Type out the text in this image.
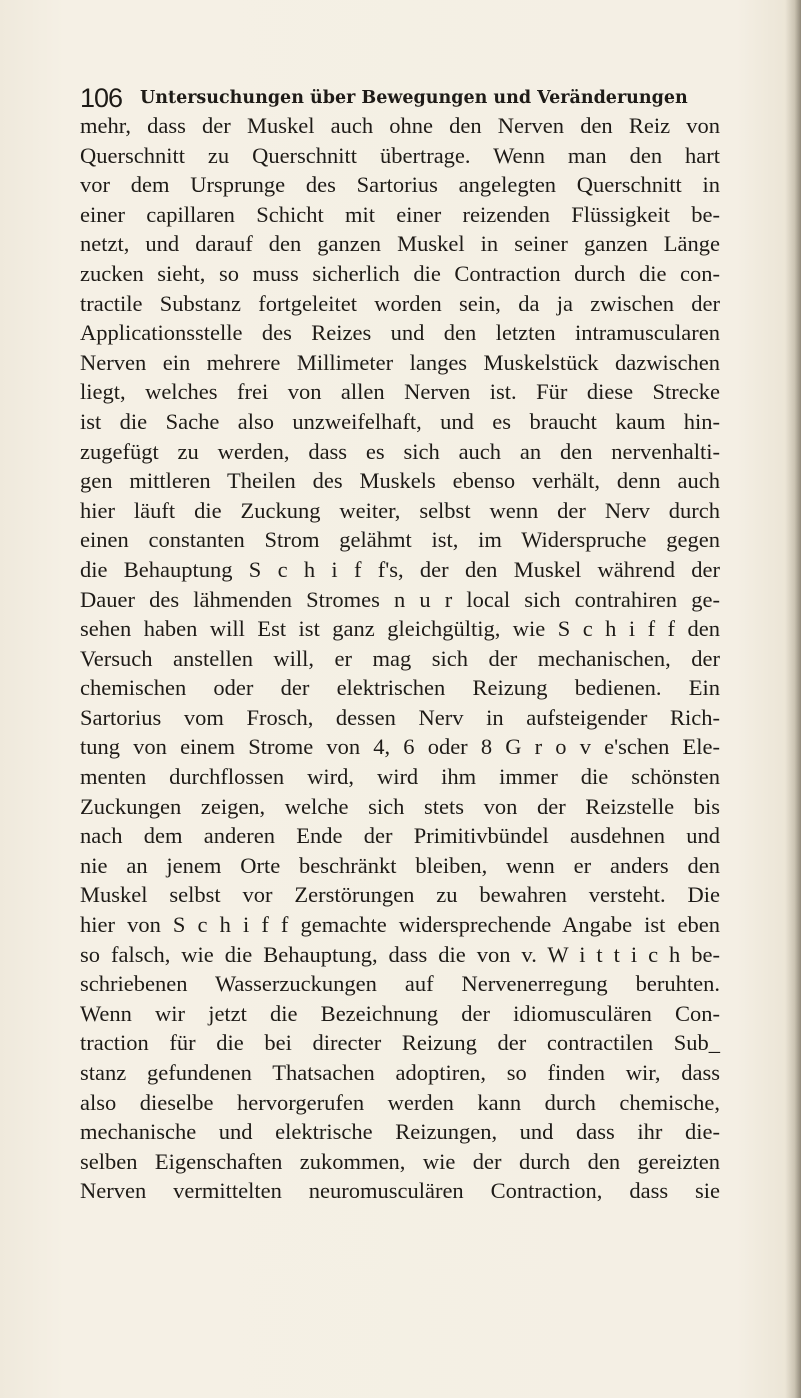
106 Untersuchungen über Bewegungen und Veränderungen
mehr, dass der Muskel auch ohne den Nerven den Reiz von
Querschnitt zu Querschnitt übertrage. Wenn man den hart
vor dem Ursprunge des Sartorius angelegten Querschnitt in
einer capillaren Schicht mit einer reizenden Flüssigkeit be-
netzt, und darauf den ganzen Muskel in seiner ganzen Länge
zucken sieht, so muss sicherlich die Contraction durch die con-
tractile Substanz fortgeleitet worden sein, da ja zwischen der
Applicationsstelle des Reizes und den letzten intramuscularen
Nerven ein mehrere Millimeter langes Muskelstück dazwischen
liegt, welches frei von allen Nerven ist. Für diese Strecke
ist die Sache also unzweifelhaft, und es braucht kaum hin-
zugefügt zu werden, dass es sich auch an den nervenhalti-
gen mittleren Theilen des Muskels ebenso verhält, denn auch
hier läuft die Zuckung weiter, selbst wenn der Nerv durch
einen constanten Strom gelähmt ist, im Widerspruche gegen
die Behauptung S c h i f f's, der den Muskel während der
Dauer des lähmenden Stromes n u r local sich contrahiren ge-
sehen haben will Est ist ganz gleichgültig, wie S c h i f f den
Versuch anstellen will, er mag sich der mechanischen, der
chemischen oder der elektrischen Reizung bedienen. Ein
Sartorius vom Frosch, dessen Nerv in aufsteigender Rich-
tung von einem Strome von 4, 6 oder 8 G r o v e'schen Ele-
menten durchflossen wird, wird ihm immer die schönsten
Zuckungen zeigen, welche sich stets von der Reizstelle bis
nach dem anderen Ende der Primitivbündel ausdehnen und
nie an jenem Orte beschränkt bleiben, wenn er anders den
Muskel selbst vor Zerstörungen zu bewahren versteht. Die
hier von S c h i f f gemachte widersprechende Angabe ist eben
so falsch, wie die Behauptung, dass die von v. W i t t i c h be-
schriebenen Wasserzuckungen auf Nervenerregung beruhten.
Wenn wir jetzt die Bezeichnung der idiomusculären Con-
traction für die bei directer Reizung der contractilen Sub_
stanz gefundenen Thatsachen adoptiren, so finden wir, dass
also dieselbe hervorgerufen werden kann durch chemische,
mechanische und elektrische Reizungen, und dass ihr die-
selben Eigenschaften zukommen, wie der durch den gereizten
Nerven vermittelten neuromusculären Contraction, dass sie
